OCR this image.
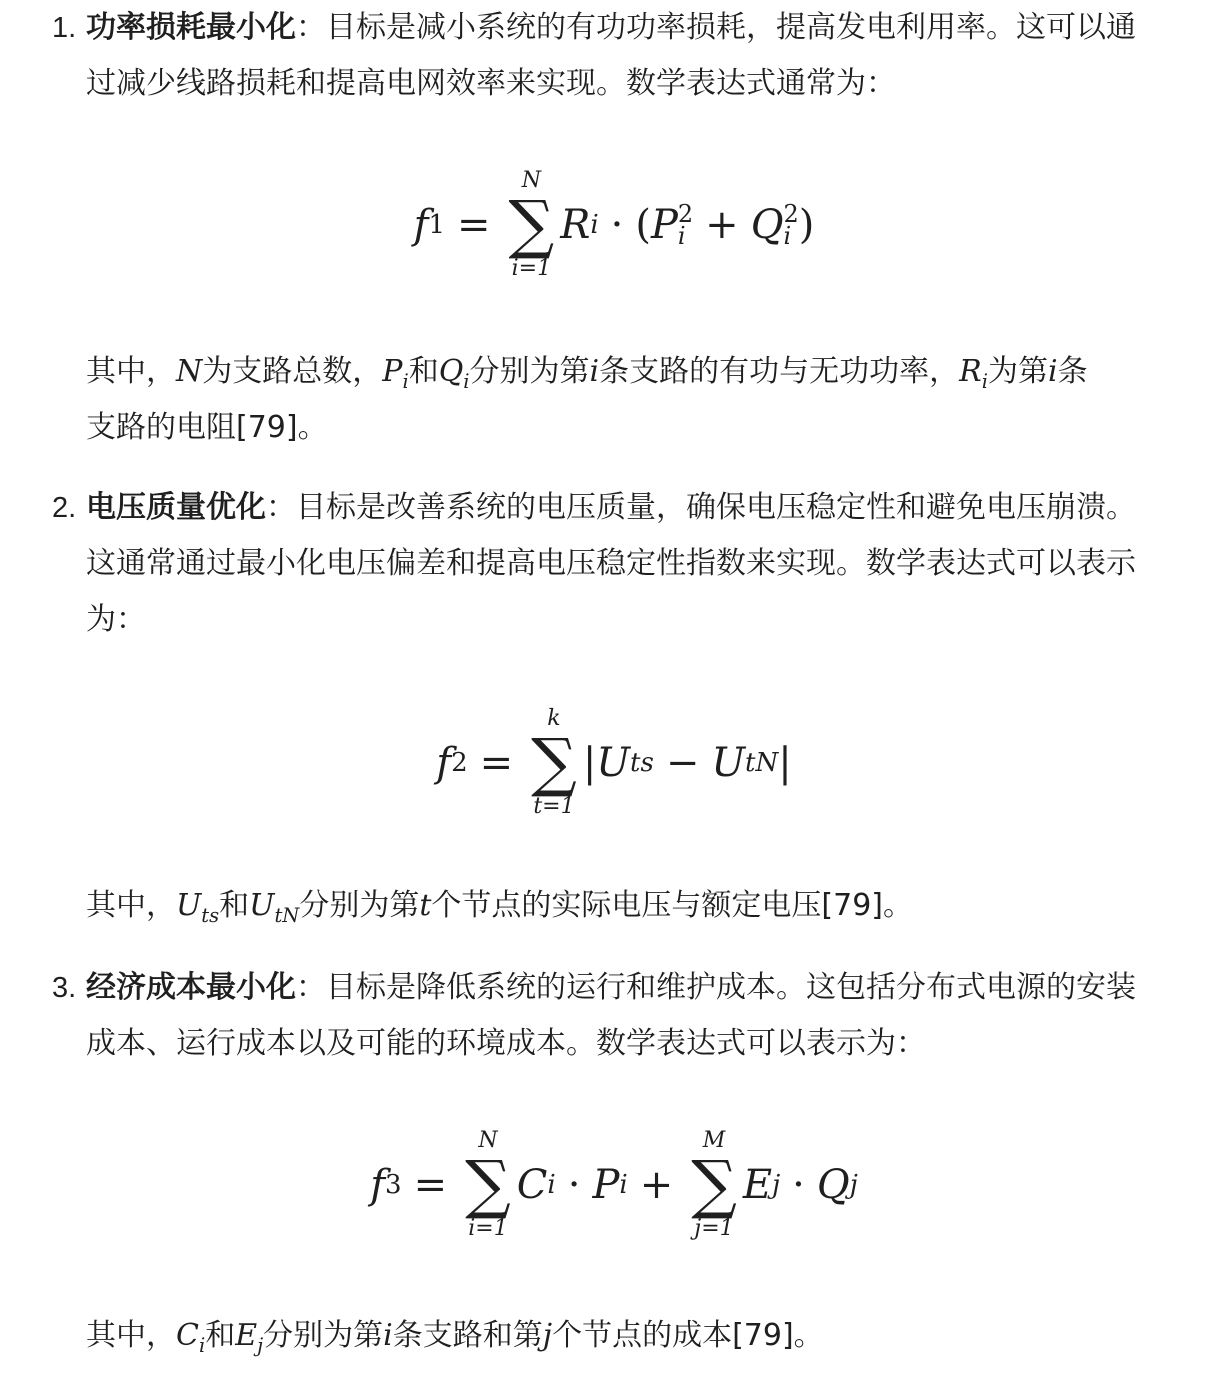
1. 功率损耗最小化：目标是减小系统的有功功率损耗，提高发电利用率。这可以通
过减少线路损耗和提高电网效率来实现。数学表达式通常为：
f 1 =
N
∑
i=1
R i · ( P 2
i + Q 2
i )
其中，N为支路总数，$P_i$和$Q_i$分别为第i条支路的有功与无功功率，$R_i$为第i条
支路的电阻[79]。
2. 电压质量优化：目标是改善系统的电压质量，确保电压稳定性和避免电压崩溃。
这通常通过最小化电压偏差和提高电压稳定性指数来实现。数学表达式可以表示
为：
f 2 =
k
∑
t=1
| U ts − U tN |
其中，$U_{ts}$和$U_{tN}$分别为第t个节点的实际电压与额定电压[79]。
3. 经济成本最小化：目标是降低系统的运行和维护成本。这包括分布式电源的安装
成本、运行成本以及可能的环境成本。数学表达式可以表示为：
f 3 =
N
∑
i=1
C i · P i +
M
∑
j=1
E j · Q j
其中，$C_i$和$E_j$分别为第i条支路和第j个节点的成本[79]。
